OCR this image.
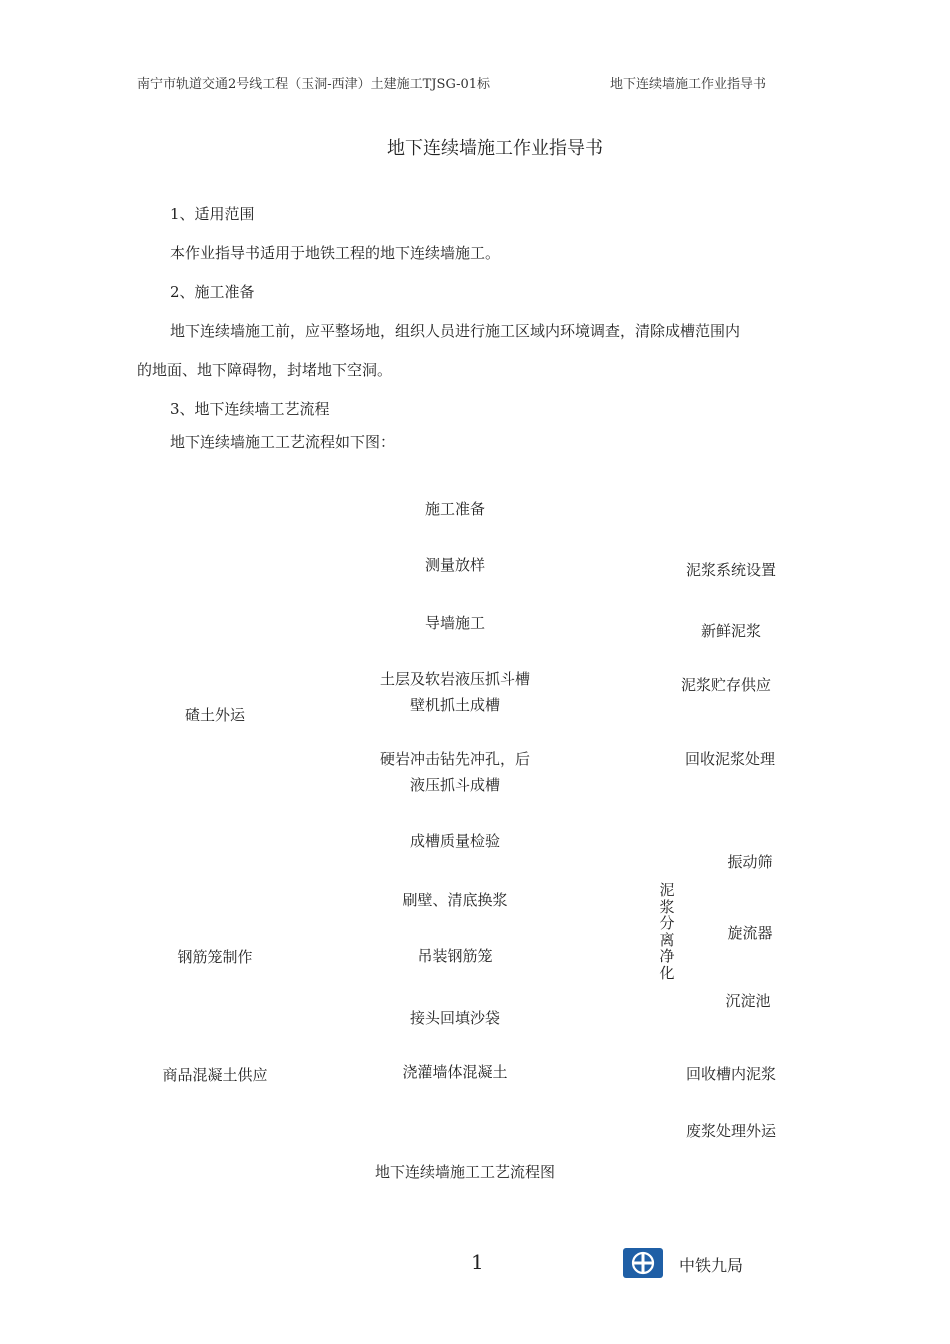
南宁市轨道交通2号线工程（玉洞-西津）土建施工TJSG-01标	地下连续墙施工作业指导书
地下连续墙施工作业指导书
1、适用范围
本作业指导书适用于地铁工程的地下连续墙施工。
2、施工准备
地下连续墙施工前，应平整场地，组织人员进行施工区域内环境调查，清除成槽范围内
的地面、地下障碍物，封堵地下空洞。
3、地下连续墙工艺流程
地下连续墙施工工艺流程如下图：
施工准备
测量放样
导墙施工
土层及软岩液压抓斗槽
壁机抓土成槽
硬岩冲击钻先冲孔，后
液压抓斗成槽
成槽质量检验
刷壁、清底换浆
吊装钢筋笼
接头回填沙袋
浇灌墙体混凝土
碴土外运
钢筋笼制作
商品混凝土供应
泥浆系统设置
新鲜泥浆
泥浆贮存供应
回收泥浆处理
回收槽内泥浆
废浆处理外运
泥浆分离净化
振动筛
旋流器
沉淀池
地下连续墙施工工艺流程图
1	中铁九局
